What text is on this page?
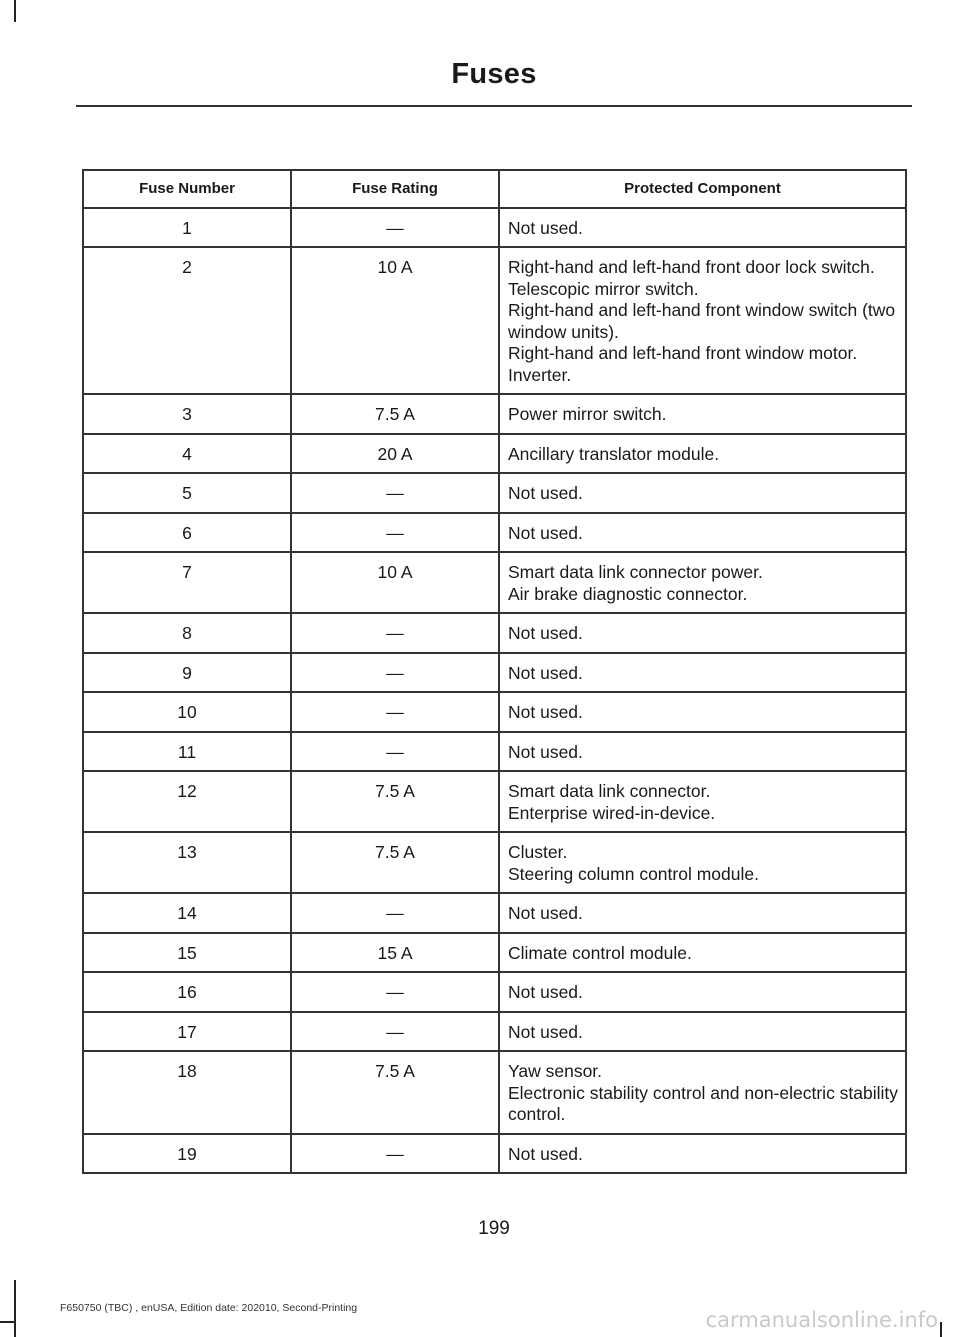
Fuses
Fuse Number	Fuse Rating	Protected Component
1	—	Not used.

2	10 A	Right-hand and left-hand front door lock switch.
Telescopic mirror switch.
Right-hand and left-hand front window switch (two window units).
Right-hand and left-hand front window motor.
Inverter.

3	7.5 A	Power mirror switch.

4	20 A	Ancillary translator module.

5	—	Not used.

6	—	Not used.

7	10 A	Smart data link connector power.
Air brake diagnostic connector.

8	—	Not used.

9	—	Not used.

10	—	Not used.

11	—	Not used.

12	7.5 A	Smart data link connector.
Enterprise wired-in-device.

13	7.5 A	Cluster.
Steering column control module.

14	—	Not used.

15	15 A	Climate control module.

16	—	Not used.

17	—	Not used.

18	7.5 A	Yaw sensor.
Electronic stability control and non-electric stability control.

19	—	Not used.
199
F650750 (TBC) , enUSA, Edition date: 202010, Second-Printing	carmanualsonline.info
